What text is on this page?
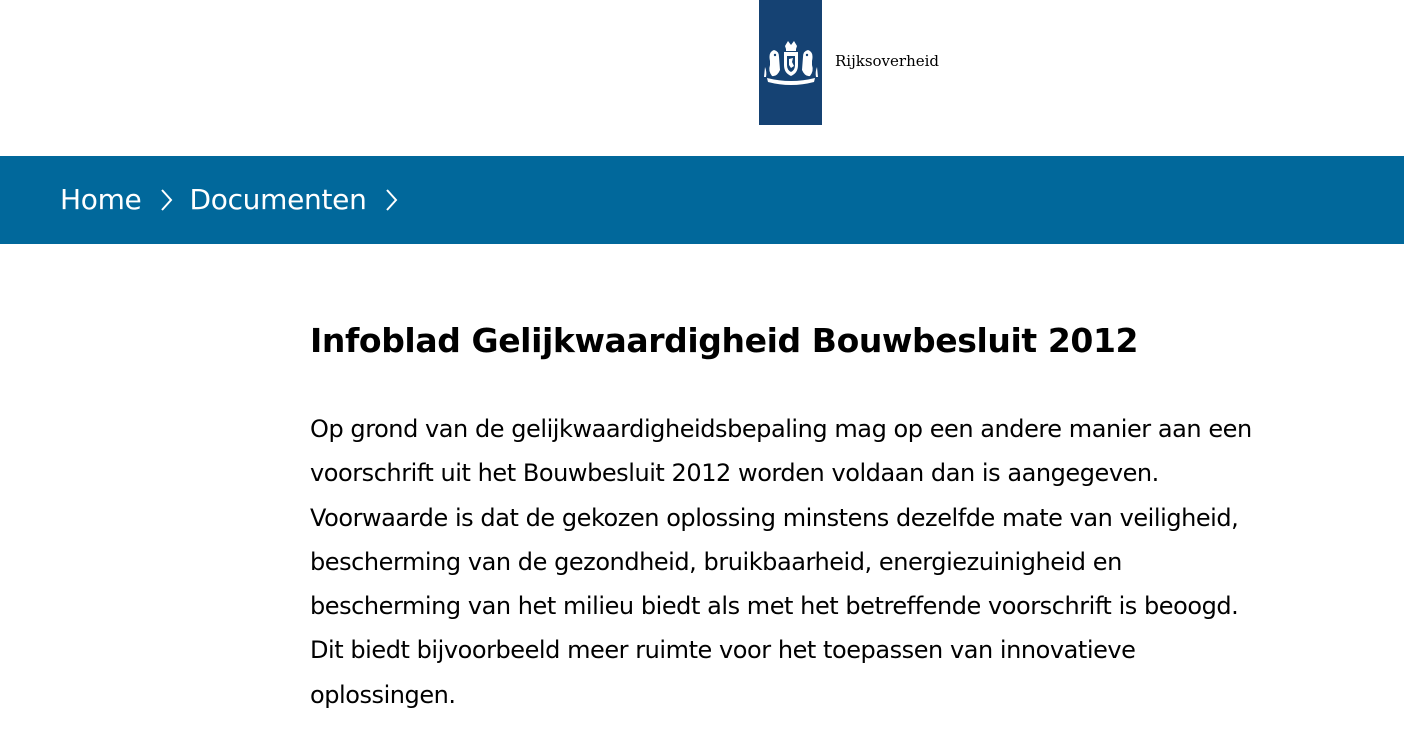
Rijksoverheid
Home Documenten
Infoblad Gelijkwaardigheid Bouwbesluit 2012

Op grond van de gelijkwaardigheidsbepaling mag op een andere manier aan een voorschrift uit het Bouwbesluit 2012 worden voldaan dan is aangegeven. Voorwaarde is dat de gekozen oplossing minstens dezelfde mate van veiligheid, bescherming van de gezondheid, bruikbaarheid, energiezuinigheid en bescherming van het milieu biedt als met het betreffende voorschrift is beoogd. Dit biedt bijvoorbeeld meer ruimte voor het toepassen van innovatieve oplossingen.
